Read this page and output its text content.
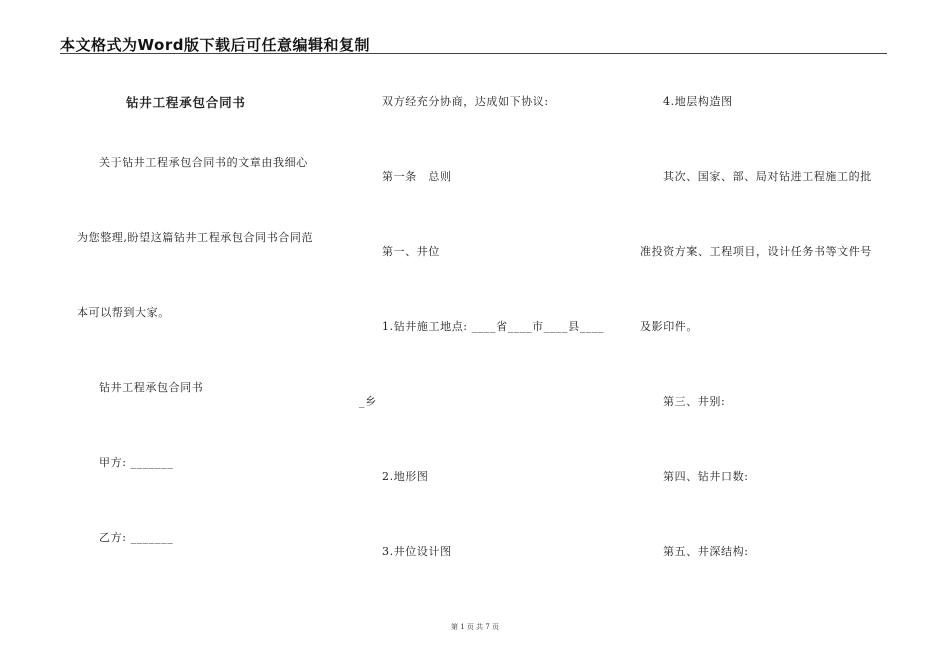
本文格式为Word版下载后可任意编辑和复制
钻井工程承包合同书
关于钻井工程承包合同书的文章由我细心
为您整理,盼望这篇钻井工程承包合同书合同范
本可以帮到大家。
钻井工程承包合同书
甲方: _______
乙方: _______
双方经充分协商，达成如下协议:
第一条　总则
第一、井位
1.钻井施工地点: ____省____市____县____
_乡
2.地形图
3.井位设计图
4.地层构造图
其次、国家、部、局对钻进工程施工的批
准投资方案、工程项目，设计任务书等文件号
及影印件。
第三、井别:
第四、钻井口数:
第五、井深结构:
第 1 页 共 7 页
